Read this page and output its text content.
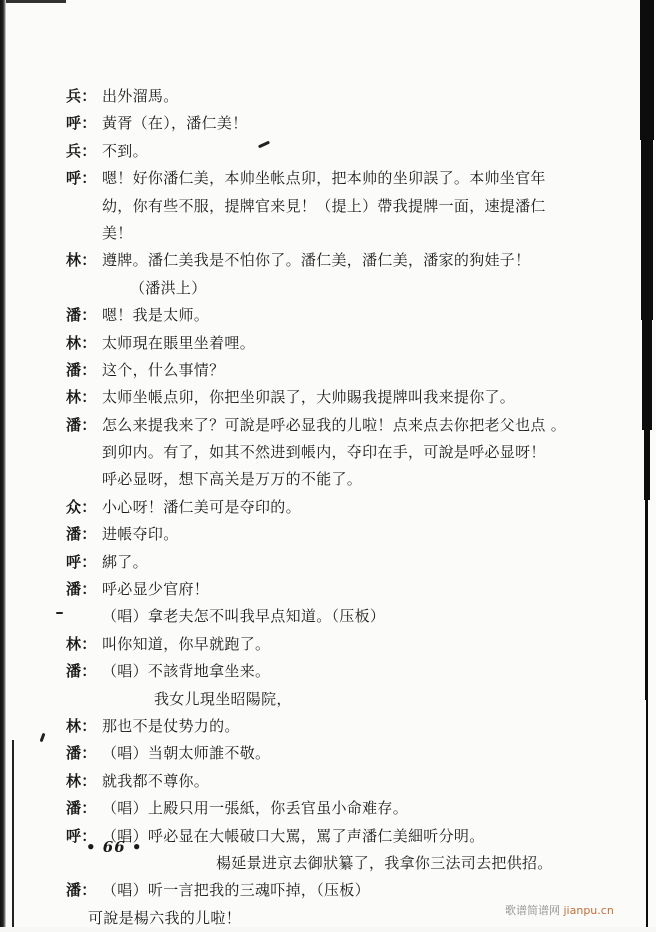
兵： 出外溜馬。
呼： 黃胥（在），潘仁美！
兵： 不到。
呼： 嗯！好你潘仁美，本帅坐帐点卯，把本帅的坐卯誤了。本帅坐官年
幼，你有些不服，提牌官来見！（提上）帶我提牌一面，速提潘仁
美！
林： 遵牌。潘仁美我是不怕你了。潘仁美，潘仁美，潘家的狗娃子！
（潘洪上）
潘： 嗯！我是太师。
林： 太师現在賬里坐着哩。
潘： 这个，什么事情？
林： 太师坐帳点卯，你把坐卯誤了，大帅賜我提牌叫我来提你了。
潘： 怎么来提我来了？可說是呼必显我的儿啦！点来点去你把老父也点 。
到卯内。有了，如其不然进到帳内，夺印在手，可說是呼必显呀！
呼必显呀，想下高关是万万的不能了。
众： 小心呀！潘仁美可是夺印的。
潘： 进帳夺印。
呼： 綁了。
潘： 呼必显少官府！
（唱）拿老夫怎不叫我早点知道。（压板）
林： 叫你知道，你早就跑了。
潘： （唱）不該背地拿坐来。
我女儿現坐昭陽院，
林： 那也不是仗势力的。
潘： （唱）当朝太师誰不敬。
林： 就我都不尊你。
潘： （唱）上殿只用一張紙，你丢官虽小命难存。
呼： （唱）呼必显在大帳破口大罵，罵了声潘仁美細听分明。
楊延景进京去御狀纂了，我拿你三法司去把供招。
潘： （唱）听一言把我的三魂吓掉，（压板）
可說是楊六我的儿啦！
• 66 •
歌谱简谱网 jianpu.cn
